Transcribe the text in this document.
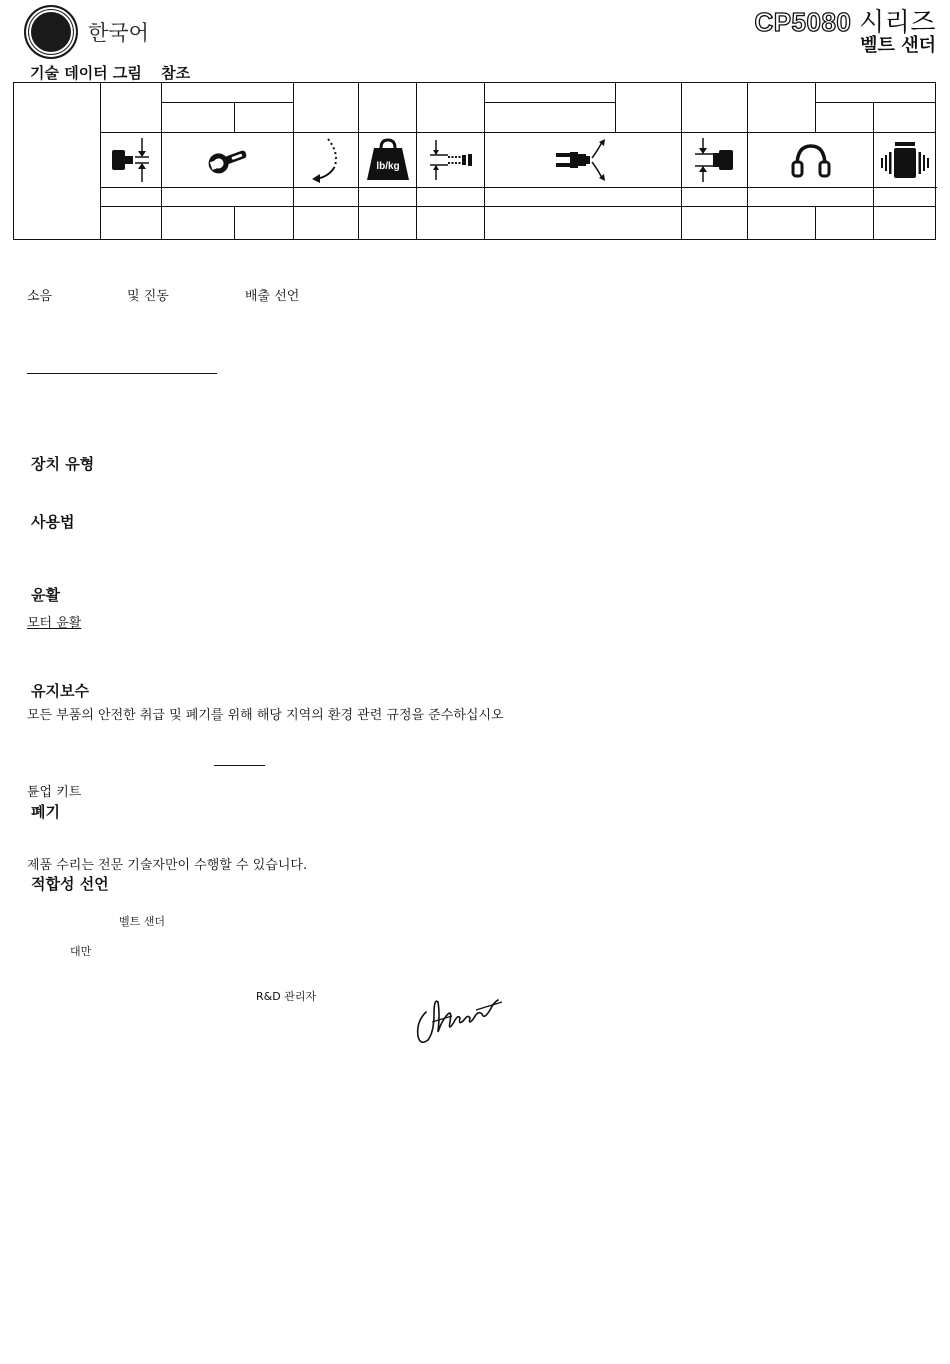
한국어	CP5080 시리즈
벨트 샌더
기술 데이터 그림 참조

lb/kg

소음	및 진동	배출 선언
장치 유형
사용법
윤활
모터 윤활
유지보수
모든 부품의 안전한 취급 및 폐기를 위해 해당 지역의 환경 관련 규정을 준수하십시오
튠업 키트
폐기
제품 수리는 전문 기술자만이 수행할 수 있습니다.
적합성 선언
벨트 샌더
대만
R&D 관리자
